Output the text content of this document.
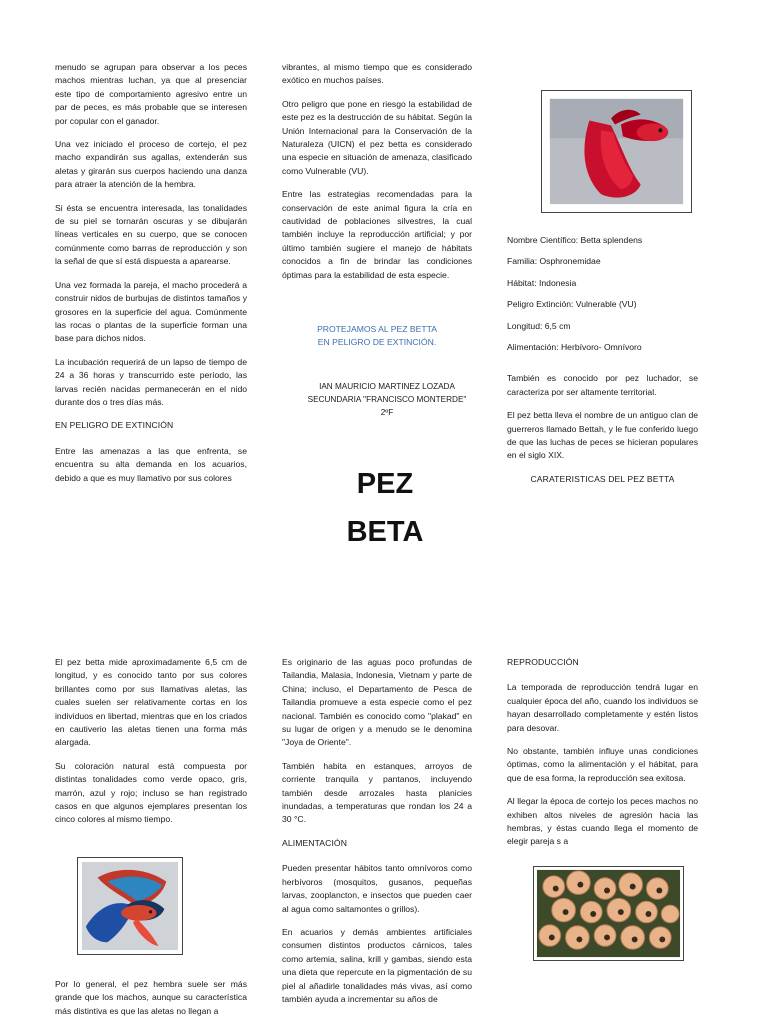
menudo se agrupan para observar a los peces machos mientras luchan, ya que al presenciar este tipo de comportamiento agresivo entre un par de peces, es más probable que se interesen por copular con el ganador.

Una vez iniciado el proceso de cortejo, el pez macho expandirán sus agallas, extenderán sus aletas y girarán sus cuerpos haciendo una danza para atraer la atención de la hembra.

Si ésta se encuentra interesada, las tonalidades de su piel se tornarán oscuras y se dibujarán líneas verticales en su cuerpo, que se conocen comúnmente como barras de reproducción y son la señal de que sí está dispuesta a aparearse.

Una vez formada la pareja, el macho procederá a construir nidos de burbujas de distintos tamaños y grosores en la superficie del agua. Comúnmente las rocas o plantas de la superficie forman una base para dichos nidos.

La incubación requerirá de un lapso de tiempo de 24 a 36 horas y transcurrido este período, las larvas recién nacidas permanecerán en el nido durante dos o tres días más.

EN PELIGRO DE EXTINCIÓN

Entre las amenazas a las que enfrenta, se encuentra su alta demanda en los acuarios, debido a que es muy llamativo por sus colores

vibrantes, al mismo tiempo que es considerado exótico en muchos países.

Otro peligro que pone en riesgo la estabilidad de este pez es la destrucción de su hábitat. Según la Unión Internacional para la Conservación de la Naturaleza (UICN) el pez betta es considerado una especie en situación de amenaza, clasificado como Vulnerable (VU).

Entre las estrategias recomendadas para la conservación de este animal figura la cría en cautividad de poblaciones silvestres, la cual también incluye la reproducción artificial; y por último también sugiere el manejo de hábitats conocidos a fin de brindar las condiciones óptimas para la estabilidad de esta especie.

PROTEJAMOS AL PEZ BETTA
EN PELIGRO DE EXTINCIÓN.
IAN MAURICIO MARTINEZ LOZADA
SECUNDARIA "FRANCISCO MONTERDE"
2ºF
PEZ
BETA

Nombre Científico: Betta splendens

Familia: Osphronemidae

Hábitat: Indonesia

Peligro Extinción: Vulnerable (VU)

Longitud: 6,5 cm

Alimentación: Herbívoro- Omnívoro

También es conocido por pez luchador, se caracteriza por ser altamente territorial.

El pez betta lleva el nombre de un antiguo clan de guerreros llamado Bettah, y le fue conferido luego de que las luchas de peces se hicieran populares en el siglo XIX.

CARATERISTICAS DEL PEZ BETTA

El pez betta mide aproximadamente 6,5 cm de longitud, y es conocido tanto por sus colores brillantes como por sus llamativas aletas, las cuales suelen ser relativamente cortas en los individuos en libertad, mientras que en los criados en cautiverio las aletas tienen una forma más alargada.

Su coloración natural está compuesta por distintas tonalidades como verde opaco, gris, marrón, azul y rojo; incluso se han registrado casos en que algunos ejemplares presentan los cinco colores al mismo tiempo.

Por lo general, el pez hembra suele ser más grande que los machos, aunque su característica más distintiva es que las aletas no llegan a

Es originario de las aguas poco profundas de Tailandia, Malasia, Indonesia, Vietnam y parte de China; incluso, el Departamento de Pesca de Tailandia promueve a esta especie como el pez nacional. También es conocido como "plakad" en su lugar de origen y a menudo se le denomina "Joya de Oriente".

También habita en estanques, arroyos de corriente tranquila y pantanos, incluyendo también desde arrozales hasta planicies inundadas, a temperaturas que rondan los 24 a 30 °C.

ALIMENTACIÓN

Pueden presentar hábitos tanto omnívoros como herbívoros (mosquitos, gusanos, pequeñas larvas, zooplancton, e insectos que pueden caer al agua como saltamontes o grillos).

En acuarios y demás ambientes artificiales consumen distintos productos cárnicos, tales como artemia, salina, krill y gambas, siendo esta una dieta que repercute en la pigmentación de su piel al añadirle tonalidades más vivas, así como también ayuda a incrementar su años de

REPRODUCCIÓN

La temporada de reproducción tendrá lugar en cualquier época del año, cuando los individuos se hayan desarrollado completamente y estén listos para desovar.

No obstante, también influye unas condiciones óptimas, como la alimentación y el hábitat, para que de esa forma, la reproducción sea exitosa.

Al llegar la época de cortejo los peces machos no exhiben altos niveles de agresión hacia las hembras, y éstas cuando llega el momento de elegir pareja s a
